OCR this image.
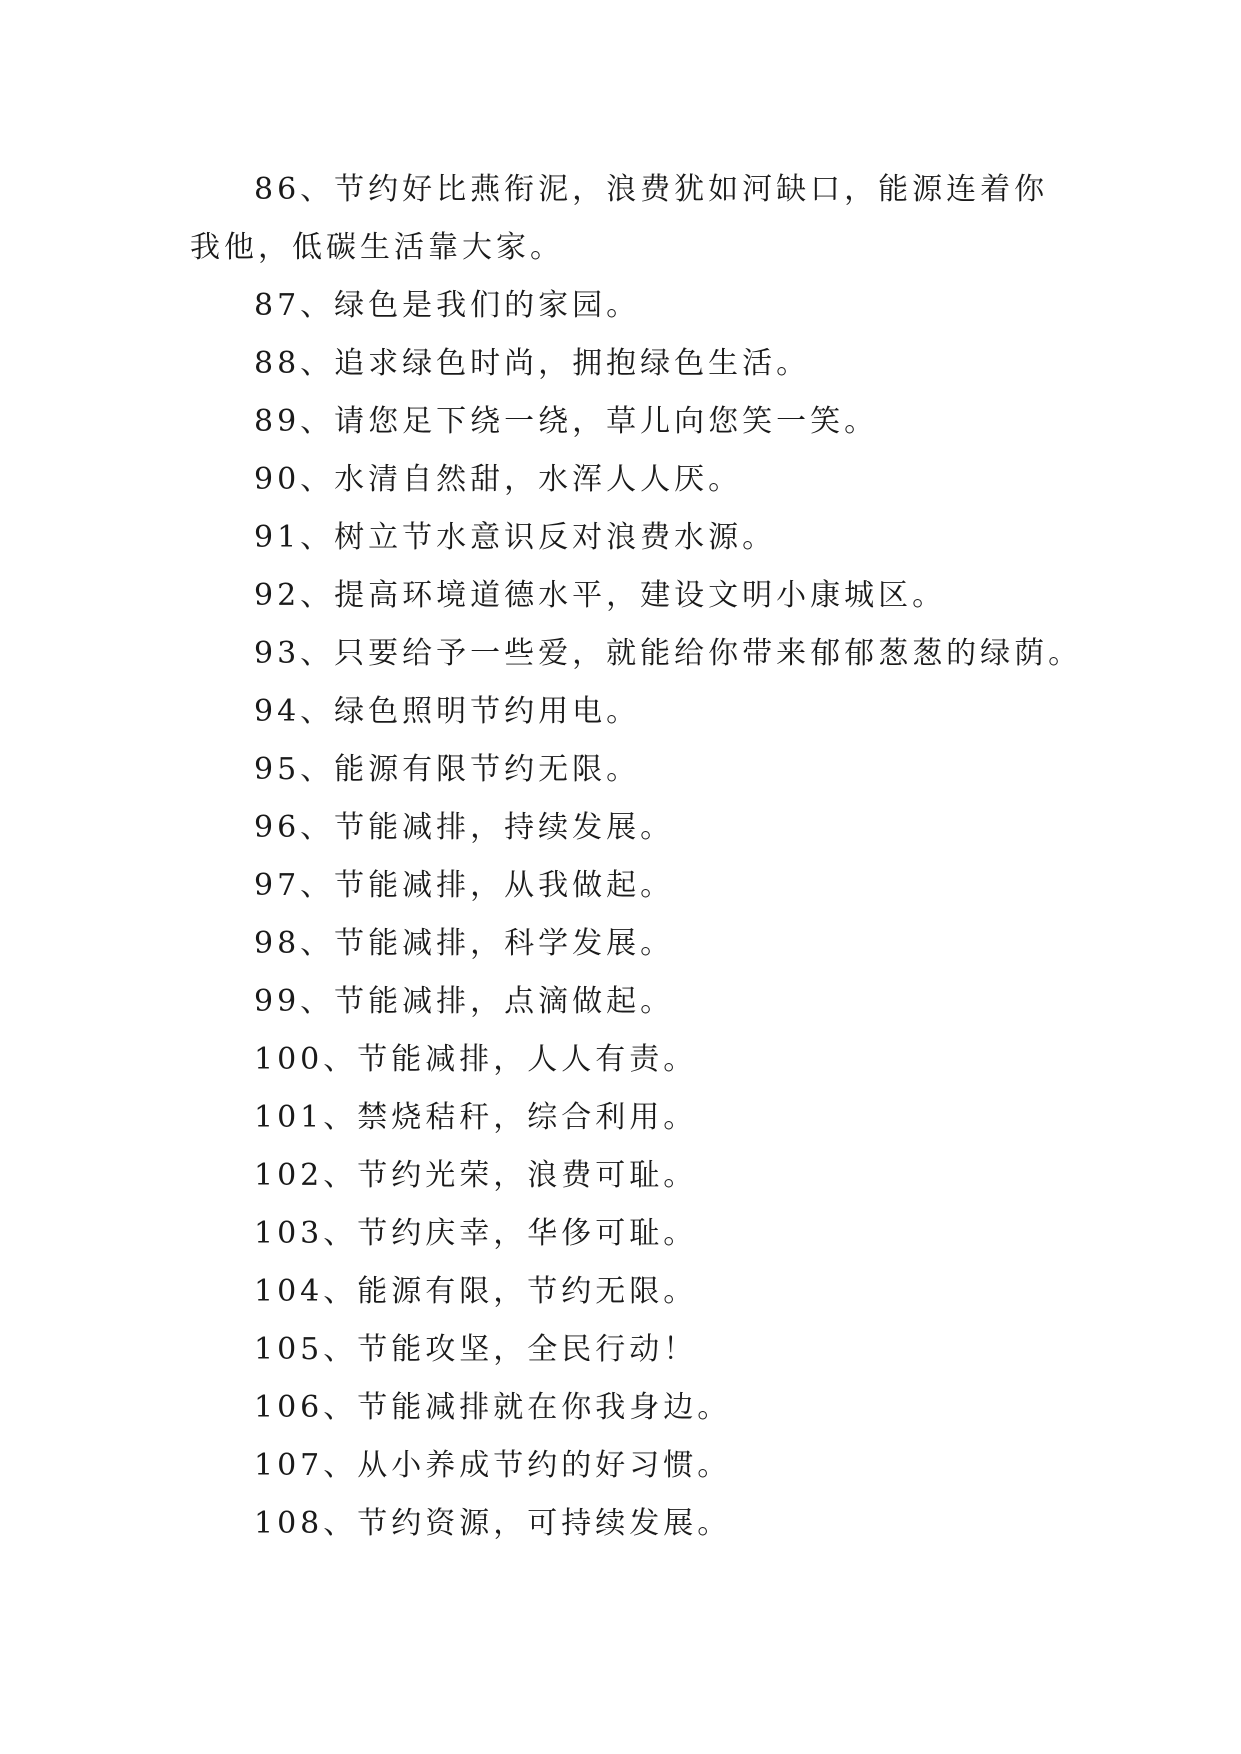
86、节约好比燕衔泥，浪费犹如河缺口，能源连着你我他，低碳生活靠大家。

87、绿色是我们的家园。

88、追求绿色时尚，拥抱绿色生活。

89、请您足下绕一绕，草儿向您笑一笑。

90、水清自然甜，水浑人人厌。

91、树立节水意识反对浪费水源。

92、提高环境道德水平，建设文明小康城区。

93、只要给予一些爱，就能给你带来郁郁葱葱的绿荫。

94、绿色照明节约用电。

95、能源有限节约无限。

96、节能减排，持续发展。

97、节能减排，从我做起。

98、节能减排，科学发展。

99、节能减排，点滴做起。

100、节能减排，人人有责。

101、禁烧秸秆，综合利用。

102、节约光荣，浪费可耻。

103、节约庆幸，华侈可耻。

104、能源有限，节约无限。

105、节能攻坚，全民行动！

106、节能减排就在你我身边。

107、从小养成节约的好习惯。

108、节约资源，可持续发展。
